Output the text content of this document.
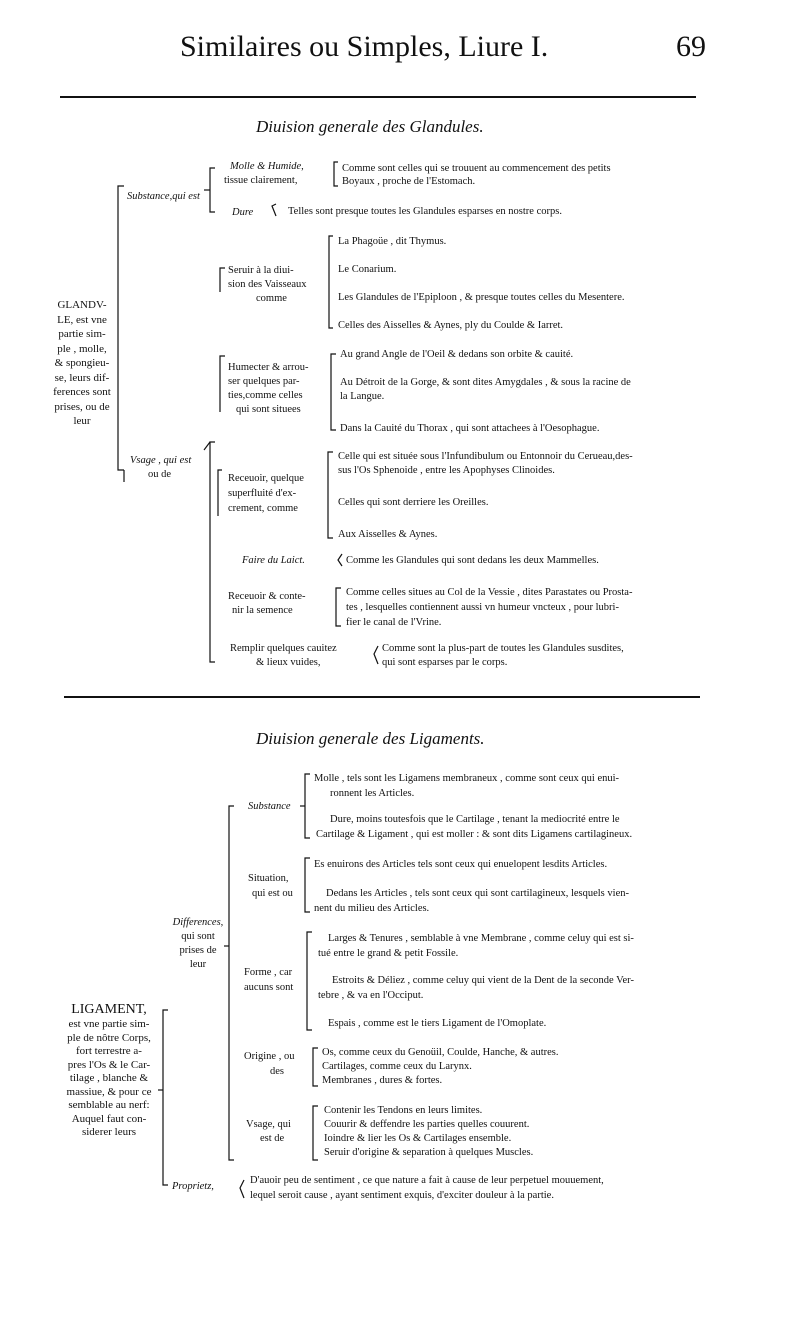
Similaires ou Simples, Liure I.	69
Diuision generale des Glandules.
GLANDV-
LE, est vne
partie sim-
ple , molle,
& spongieu-
se, leurs dif-
ferences sont
prises, ou de
leur
Substance,qui est
Molle & Humide,
tissue clairement,
Comme sont celles qui se trouuent au commencement des petits
Boyaux , proche de l'Estomach.
Dure	Telles sont presque toutes les Glandules esparses en nostre corps.
Vsage , qui est
ou de
Seruir à la diui-
sion des Vaisseaux
comme
La Phagoüe , dit Thymus.
Le Conarium.
Les Glandules de l'Epiploon , & presque toutes celles du Mesentere.
Celles des Aisselles & Aynes, ply du Coulde & Iarret.
Humecter & arrou-
ser quelques par-
ties,comme celles
qui sont situees
Au grand Angle de l'Oeil & dedans son orbite & cauité.
Au Détroit de la Gorge, & sont dites Amygdales , & sous la racine de
la Langue.
Dans la Cauité du Thorax , qui sont attachees à l'Oesophague.
Receuoir, quelque
superfluité d'ex-
crement, comme
Celle qui est située sous l'Infundibulum ou Entonnoir du Cerueau,des-
sus l'Os Sphenoide , entre les Apophyses Clinoides.
Celles qui sont derriere les Oreilles.
Aux Aisselles & Aynes.
Faire du Laict.	Comme les Glandules qui sont dedans les deux Mammelles.
Receuoir & conte-
nir la semence
Comme celles situes au Col de la Vessie , dites Parastates ou Prosta-
tes , lesquelles contiennent aussi vn humeur vncteux , pour lubri-
fier le canal de l'Vrine.
Remplir quelques cauitez
& lieux vuides,
Comme sont la plus-part de toutes les Glandules susdites,
qui sont esparses par le corps.
Diuision generale des Ligaments.
LIGAMENT,
est vne partie sim-
ple de nôtre Corps,
fort terrestre a-
pres l'Os & le Car-
tilage , blanche &
massiue, & pour ce
semblable au nerf:
Auquel faut con-
siderer leurs
Differences,
qui sont
prises de
leur
Substance
Molle , tels sont les Ligamens membraneux , comme sont ceux qui enui-
ronnent les Articles.
Dure, moins toutesfois que le Cartilage , tenant la mediocrité entre le
Cartilage & Ligament , qui est moller : & sont dits Ligamens cartilagineux.
Situation,
qui est ou
Es enuirons des Articles tels sont ceux qui enuelopent lesdits Articles.
Dedans les Articles , tels sont ceux qui sont cartilagineux, lesquels vien-
nent du milieu des Articles.
Forme , car
aucuns sont
Larges & Tenures , semblable à vne Membrane , comme celuy qui est si-
tué entre le grand & petit Fossile.
Estroits & Déliez , comme celuy qui vient de la Dent de la seconde Ver-
tebre , & va en l'Occiput.
Espais , comme est le tiers Ligament de l'Omoplate.
Origine , ou
des
Os, comme ceux du Genoüil, Coulde, Hanche, & autres.
Cartilages, comme ceux du Larynx.
Membranes , dures & fortes.
Vsage, qui
est de
Contenir les Tendons en leurs limites.
Couurir & deffendre les parties quelles couurent.
Ioindre & lier les Os & Cartilages ensemble.
Seruir d'origine & separation à quelques Muscles.
Proprietz,
D'auoir peu de sentiment , ce que nature a fait à cause de leur perpetuel mouuement,
lequel seroit cause , ayant sentiment exquis, d'exciter douleur à la partie.
